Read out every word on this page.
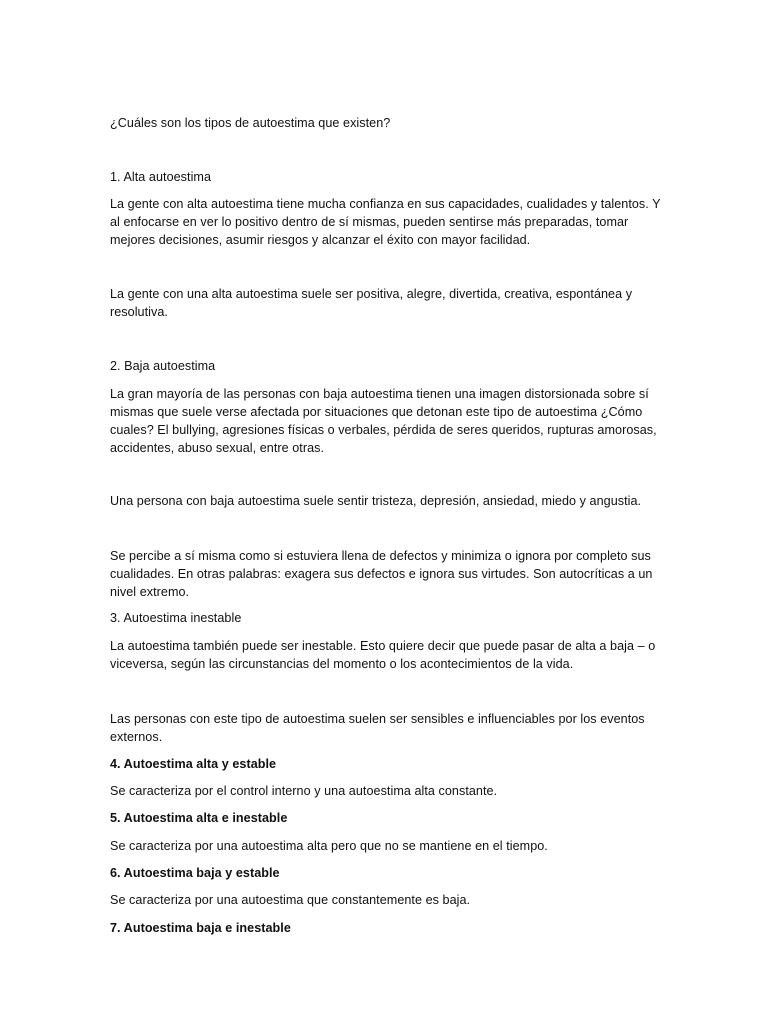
¿Cuáles son los tipos de autoestima que existen?

1. Alta autoestima

La gente con alta autoestima tiene mucha confianza en sus capacidades, cualidades y talentos. Y al enfocarse en ver lo positivo dentro de sí mismas, pueden sentirse más preparadas, tomar mejores decisiones, asumir riesgos y alcanzar el éxito con mayor facilidad.

La gente con una alta autoestima suele ser positiva, alegre, divertida, creativa, espontánea y resolutiva.

2. Baja autoestima

La gran mayoría de las personas con baja autoestima tienen una imagen distorsionada sobre sí mismas que suele verse afectada por situaciones que detonan este tipo de autoestima ¿Cómo cuales? El bullying, agresiones físicas o verbales, pérdida de seres queridos, rupturas amorosas, accidentes, abuso sexual, entre otras.

Una persona con baja autoestima suele sentir tristeza, depresión, ansiedad, miedo y angustia.

Se percibe a sí misma como si estuviera llena de defectos y minimiza o ignora por completo sus cualidades. En otras palabras: exagera sus defectos e ignora sus virtudes. Son autocríticas a un nivel extremo.

3. Autoestima inestable

La autoestima también puede ser inestable. Esto quiere decir que puede pasar de alta a baja – o viceversa, según las circunstancias del momento o los acontecimientos de la vida.

Las personas con este tipo de autoestima suelen ser sensibles e influenciables por los eventos externos.

4. Autoestima alta y estable

Se caracteriza por el control interno y una autoestima alta constante.

5. Autoestima alta e inestable

Se caracteriza por una autoestima alta pero que no se mantiene en el tiempo.

6. Autoestima baja y estable

Se caracteriza por una autoestima que constantemente es baja.

7. Autoestima baja e inestable
